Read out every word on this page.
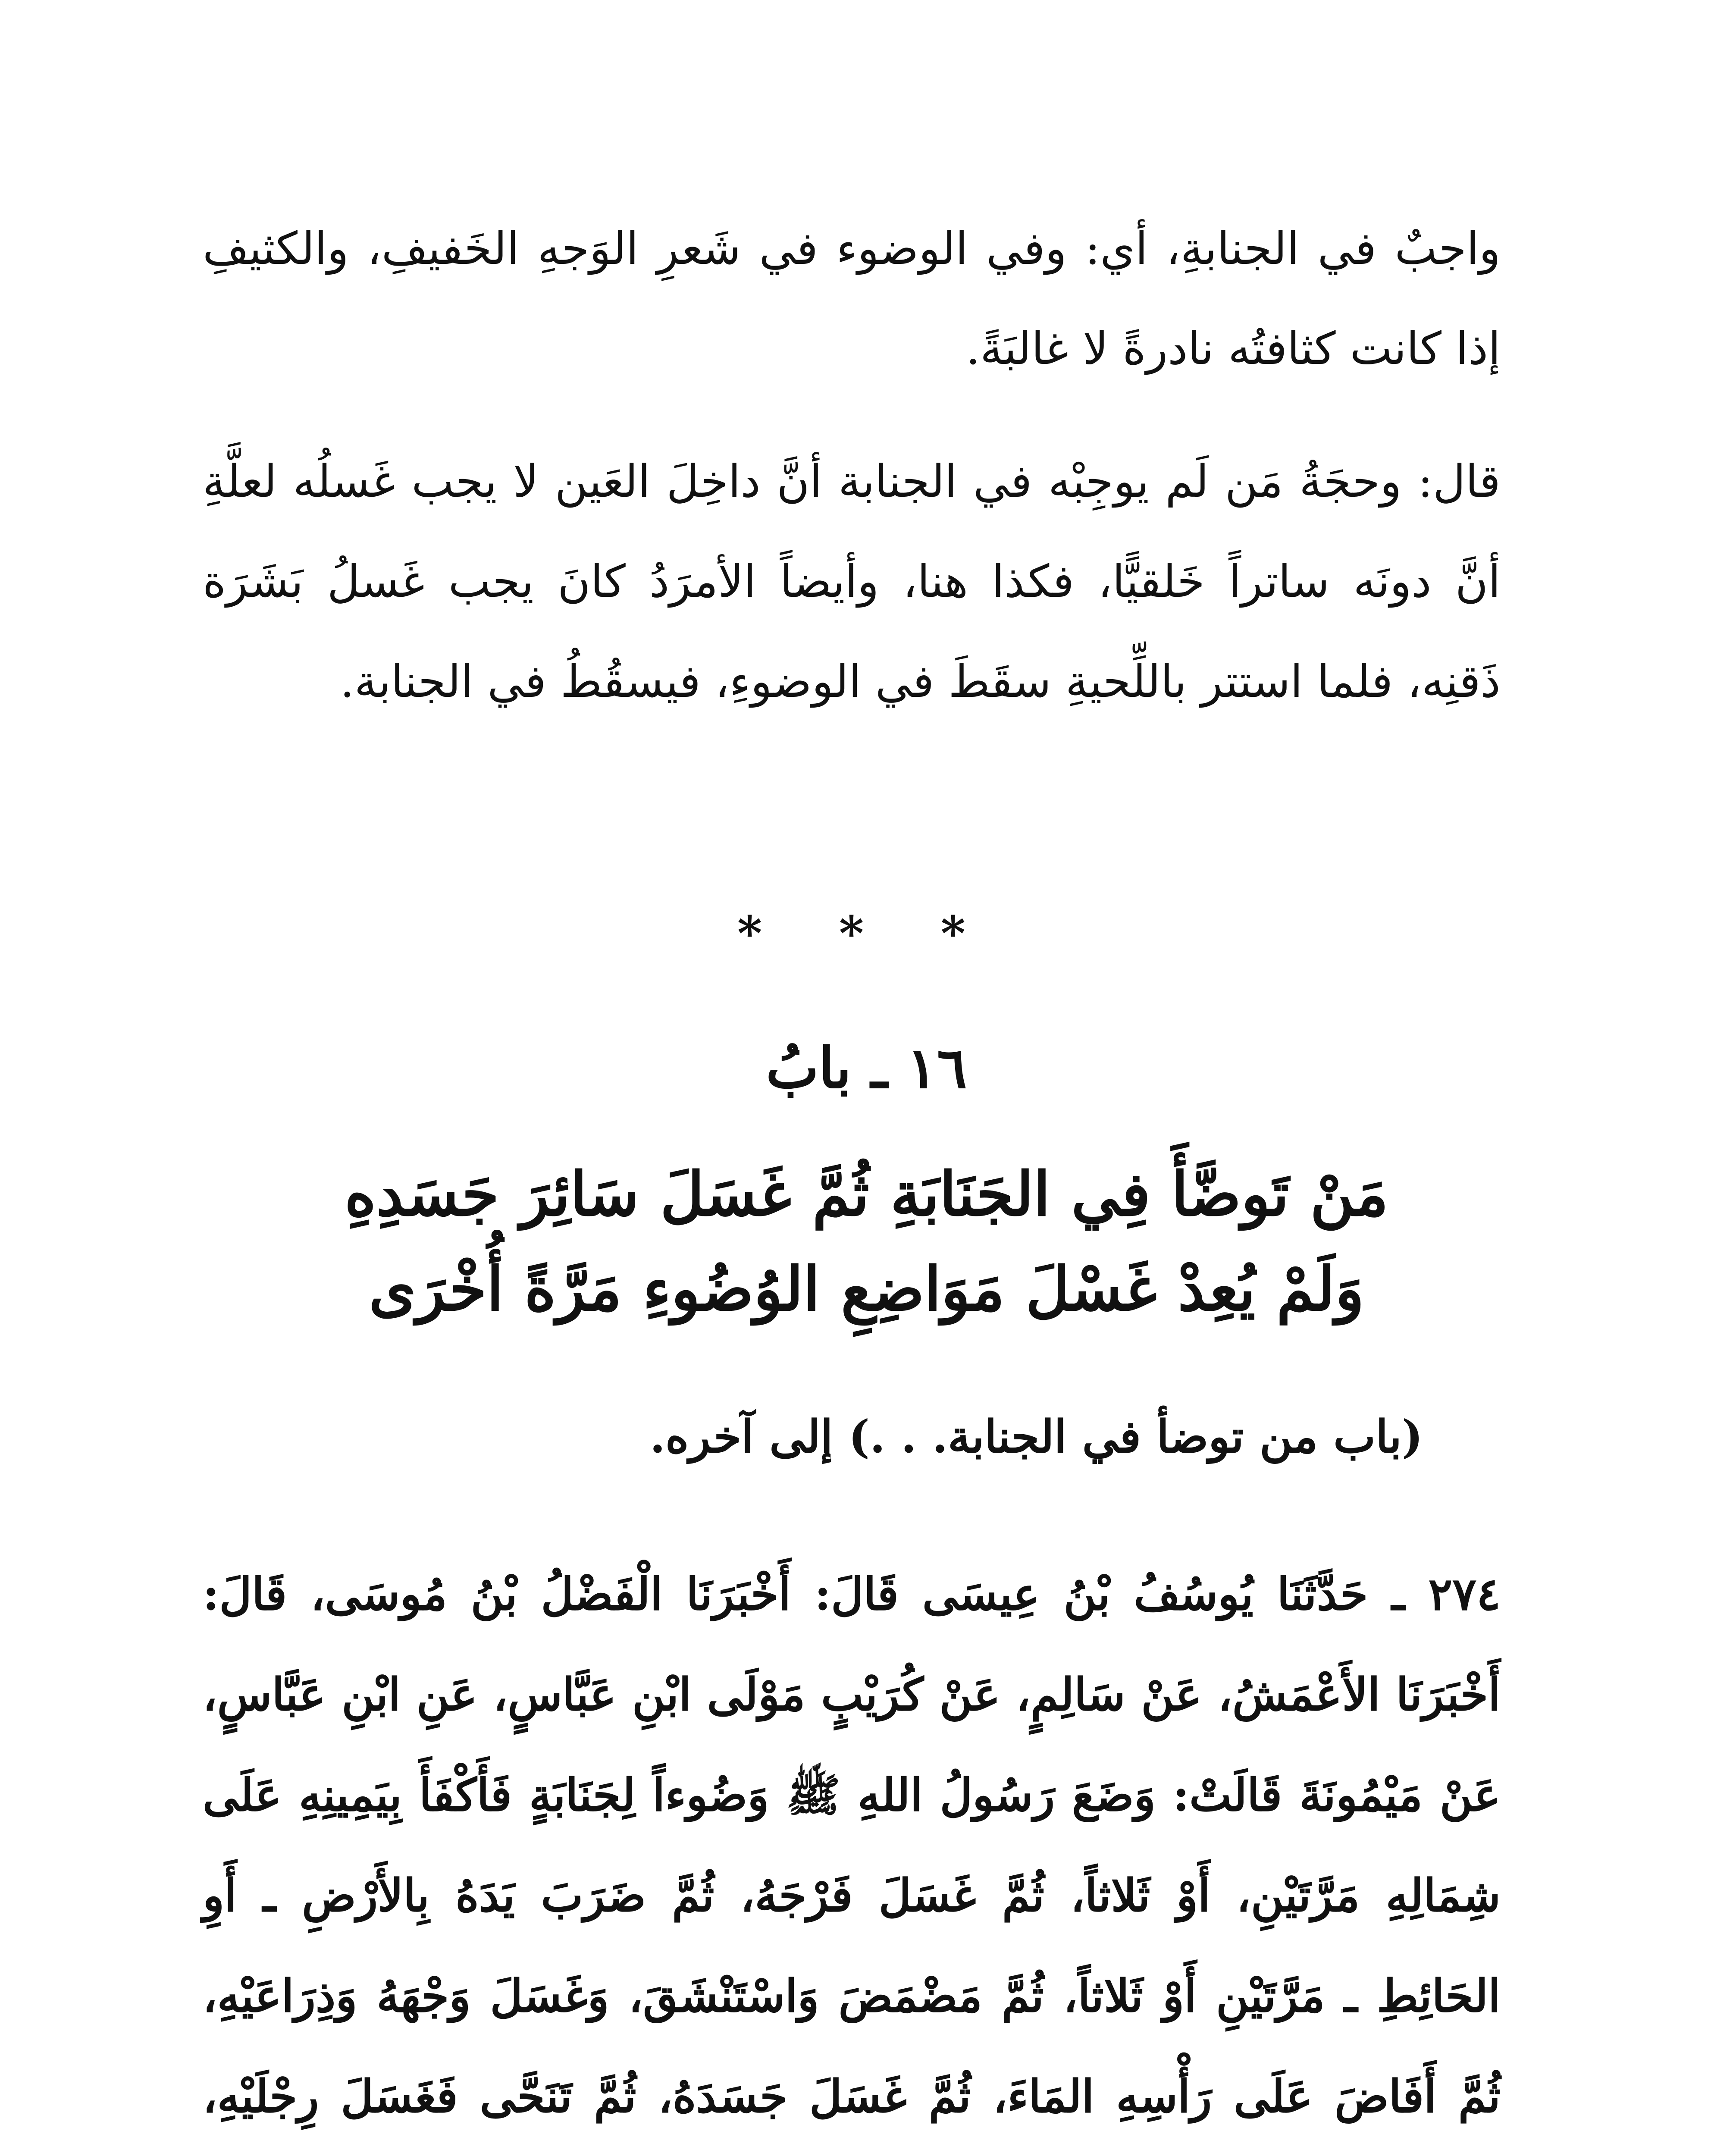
واجبٌ في الجنابةِ، أي: وفي الوضوء في شَعرِ الوَجهِ الخَفيفِ، والكثيفِ إذا كانت كثافتُه نادرةً لا غالبَةً.

قال: وحجَةُ مَن لَم يوجِبْه في الجنابة أنَّ داخِلَ العَين لا يجب غَسلُه لعلَّةِ أنَّ دونَه ساتراً خَلقيًّا، فكذا هنا، وأيضاً الأمرَدُ كانَ يجب غَسلُ بَشَرَة ذَقنِه، فلما استتر باللِّحيةِ سقَطَ في الوضوءِ، فيسقُطُ في الجنابة.

* * *
١٦ ـ بابُ
مَنْ تَوضَّأَ فِي الجَنَابَةِ ثُمَّ غَسَلَ سَائِرَ جَسَدِهِ
وَلَمْ يُعِدْ غَسْلَ مَوَاضِعِ الوُضُوءِ مَرَّةً أُخْرَى
(باب من توضأ في الجنابة. . .) إلى آخره.

٢٧٤ ـ حَدَّثَنَا يُوسُفُ بْنُ عِيسَى قَالَ: أَخْبَرَنَا الْفَضْلُ بْنُ مُوسَى، قَالَ: أَخْبَرَنَا الأَعْمَشُ، عَنْ سَالِمٍ، عَنْ كُرَيْبٍ مَوْلَى ابْنِ عَبَّاسٍ، عَنِ ابْنِ عَبَّاسٍ، عَنْ مَيْمُونَةَ قَالَتْ: وَضَعَ رَسُولُ اللهِ ﷺ وَضُوءاً لِجَنَابَةٍ فَأَكْفَأَ بِيَمِينِهِ عَلَى شِمَالِهِ مَرَّتَيْنِ، أَوْ ثَلاثاً، ثُمَّ غَسَلَ فَرْجَهُ، ثُمَّ ضَرَبَ يَدَهُ بِالأَرْضِ ـ أَوِ الحَائِطِ ـ مَرَّتَيْنِ أَوْ ثَلاثاً، ثُمَّ مَضْمَضَ وَاسْتَنْشَقَ، وَغَسَلَ وَجْهَهُ وَذِرَاعَيْهِ، ثُمَّ أَفَاضَ عَلَى رَأْسِهِ المَاءَ، ثُمَّ غَسَلَ جَسَدَهُ، ثُمَّ تَنَحَّى فَغَسَلَ رِجْلَيْهِ،
